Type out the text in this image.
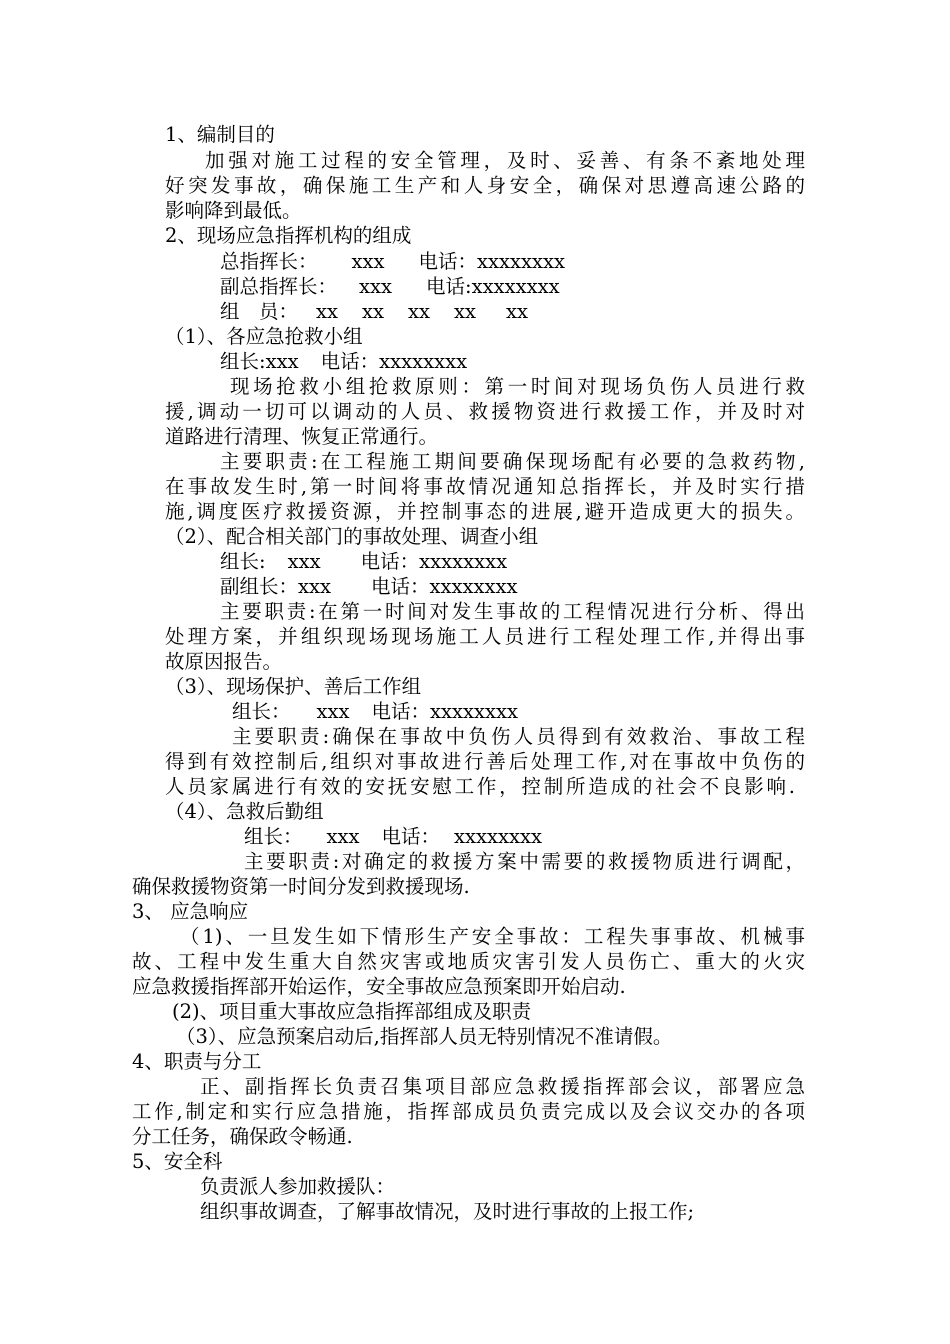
1、编制目的
加强对施工过程的安全管理，及时、妥善、有条不紊地处理
好突发事故，确保施工生产和人身安全，确保对思遵高速公路的
影响降到最低。
2、现场应急指挥机构的组成
总指挥长： xxx 电话：xxxxxxxx
副总指挥长： xxx 电话:xxxxxxxx
组　员： xx xx xx xx xx
（1）、各应急抢救小组
组长:xxx 电话：xxxxxxxx
现场抢救小组抢救原则：第一时间对现场负伤人员进行救
援,调动一切可以调动的人员、救援物资进行救援工作，并及时对
道路进行清理、恢复正常通行。
主要职责:在工程施工期间要确保现场配有必要的急救药物,
在事故发生时,第一时间将事故情况通知总指挥长，并及时实行措
施,调度医疗救援资源，并控制事态的进展,避开造成更大的损失。
（2）、配合相关部门的事故处理、调查小组
组长: xxx 电话：xxxxxxxx
副组长：xxx 电话：xxxxxxxx
主要职责:在第一时间对发生事故的工程情况进行分析、得出
处理方案，并组织现场现场施工人员进行工程处理工作,并得出事
故原因报告。
（3）、现场保护、善后工作组
组长： xxx 电话：xxxxxxxx
主要职责:确保在事故中负伤人员得到有效救治、事故工程
得到有效控制后,组织对事故进行善后处理工作,对在事故中负伤的
人员家属进行有效的安抚安慰工作，控制所造成的社会不良影响.
（4）、急救后勤组
组长： xxx 电话： xxxxxxxx
主要职责:对确定的救援方案中需要的救援物质进行调配，
确保救援物资第一时间分发到救援现场.
3、 应急响应
（1)、一旦发生如下情形生产安全事故：工程失事事故、机械事
故、工程中发生重大自然灾害或地质灾害引发人员伤亡、重大的火灾
应急救援指挥部开始运作，安全事故应急预案即开始启动.
(2)、项目重大事故应急指挥部组成及职责
（3）、应急预案启动后,指挥部人员无特别情况不准请假。
4、职责与分工
正、副指挥长负责召集项目部应急救援指挥部会议，部署应急
工作,制定和实行应急措施，指挥部成员负责完成以及会议交办的各项
分工任务，确保政令畅通.
5、安全科
负责派人参加救援队：
组织事故调查，了解事故情况，及时进行事故的上报工作;
